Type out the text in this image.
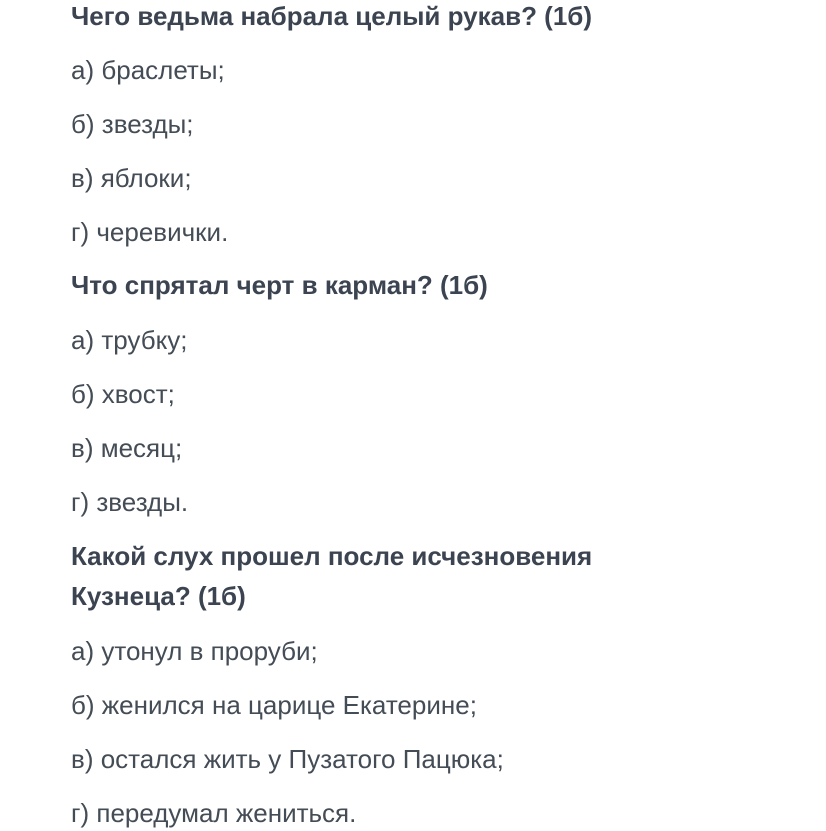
Чего ведьма набрала целый рукав? (1б)

а) браслеты;
б) звезды;
в) яблоки;
г) черевички.

Что спрятал черт в карман? (1б)

а) трубку;
б) хвост;
в) месяц;
г) звезды.

Какой слух прошел после исчезновения Кузнеца? (1б)

а) утонул в проруби;
б) женился на царице Екатерине;
в) остался жить у Пузатого Пацюка;
г) передумал жениться.
